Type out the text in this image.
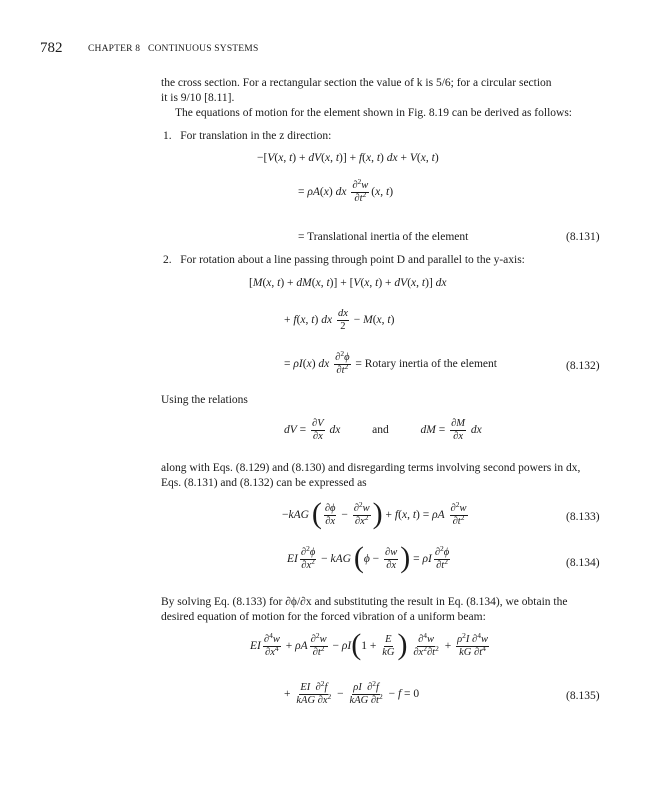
782	CHAPTER 8 CONTINUOUS SYSTEMS
the cross section. For a rectangular section the value of k is 5/6; for a circular section
it is 9/10 [8.11].
The equations of motion for the element shown in Fig. 8.19 can be derived as follows:
1. For translation in the z direction:
−[V(x, t) + dV(x, t)] + f(x, t) dx + V(x, t)
= ρA(x) dx $\frac{\partial^2w}{\partial t^2} (x$, t)
= Translational inertia of the element	(8.131)
2. For rotation about a line passing through point D and parallel to the y-axis:
[M(x, t) + dM(x, t)] + [V(x, t) + dV(x, t)] dx
+ f(x, t) dx $\frac{dx}{2} - M(x$, t)
= ρI(x) dx $\frac{\partial^2\phi}{\partial t^2}$ = Rotary inertia of the element	(8.132)
Using the relations
dV = $\frac{\partial V}{\partial x}$ dx	and	dM = $\frac{\partial M}{\partial x}$ dx
along with Eqs. (8.129) and (8.130) and disregarding terms involving second powers in dx,
Eqs. (8.131) and (8.132) can be expressed as
−kAG ( $\frac{\partial\phi}{\partial x} - \frac{\partial^2w}{\partial x^2}$ ) + f(x, t) = ρA $\frac{\partial^2w}{\partial t^2}$	(8.133)
EI $\frac{\partial^2\phi}{\partial x^2}$ − kAG ($\phi - \frac{\partial w}{\partial x}$ ) = ρI $\frac{\partial^2\phi}{\partial t^2}$	(8.134)
By solving Eq. (8.133) for ∂ϕ/∂x and substituting the result in Eq. (8.134), we obtain the
desired equation of motion for the forced vibration of a uniform beam:
EI $\frac{\partial^4w}{\partial x^4} + \rho A \frac{\partial^2w}{\partial t^2} - \rho I(1 + \frac{E}{kG}$ ) $\frac{\partial^4w}{\partial x^2\partial t^2} + \frac{\rho^2I \partial^4w}{kG \partial t^4}$
+
EI  ∂$^2$f
kAG $\partial x^2$ −
ρI  ∂$^2$f
kAG $\partial t^2 - f = 0$	(8.135)
